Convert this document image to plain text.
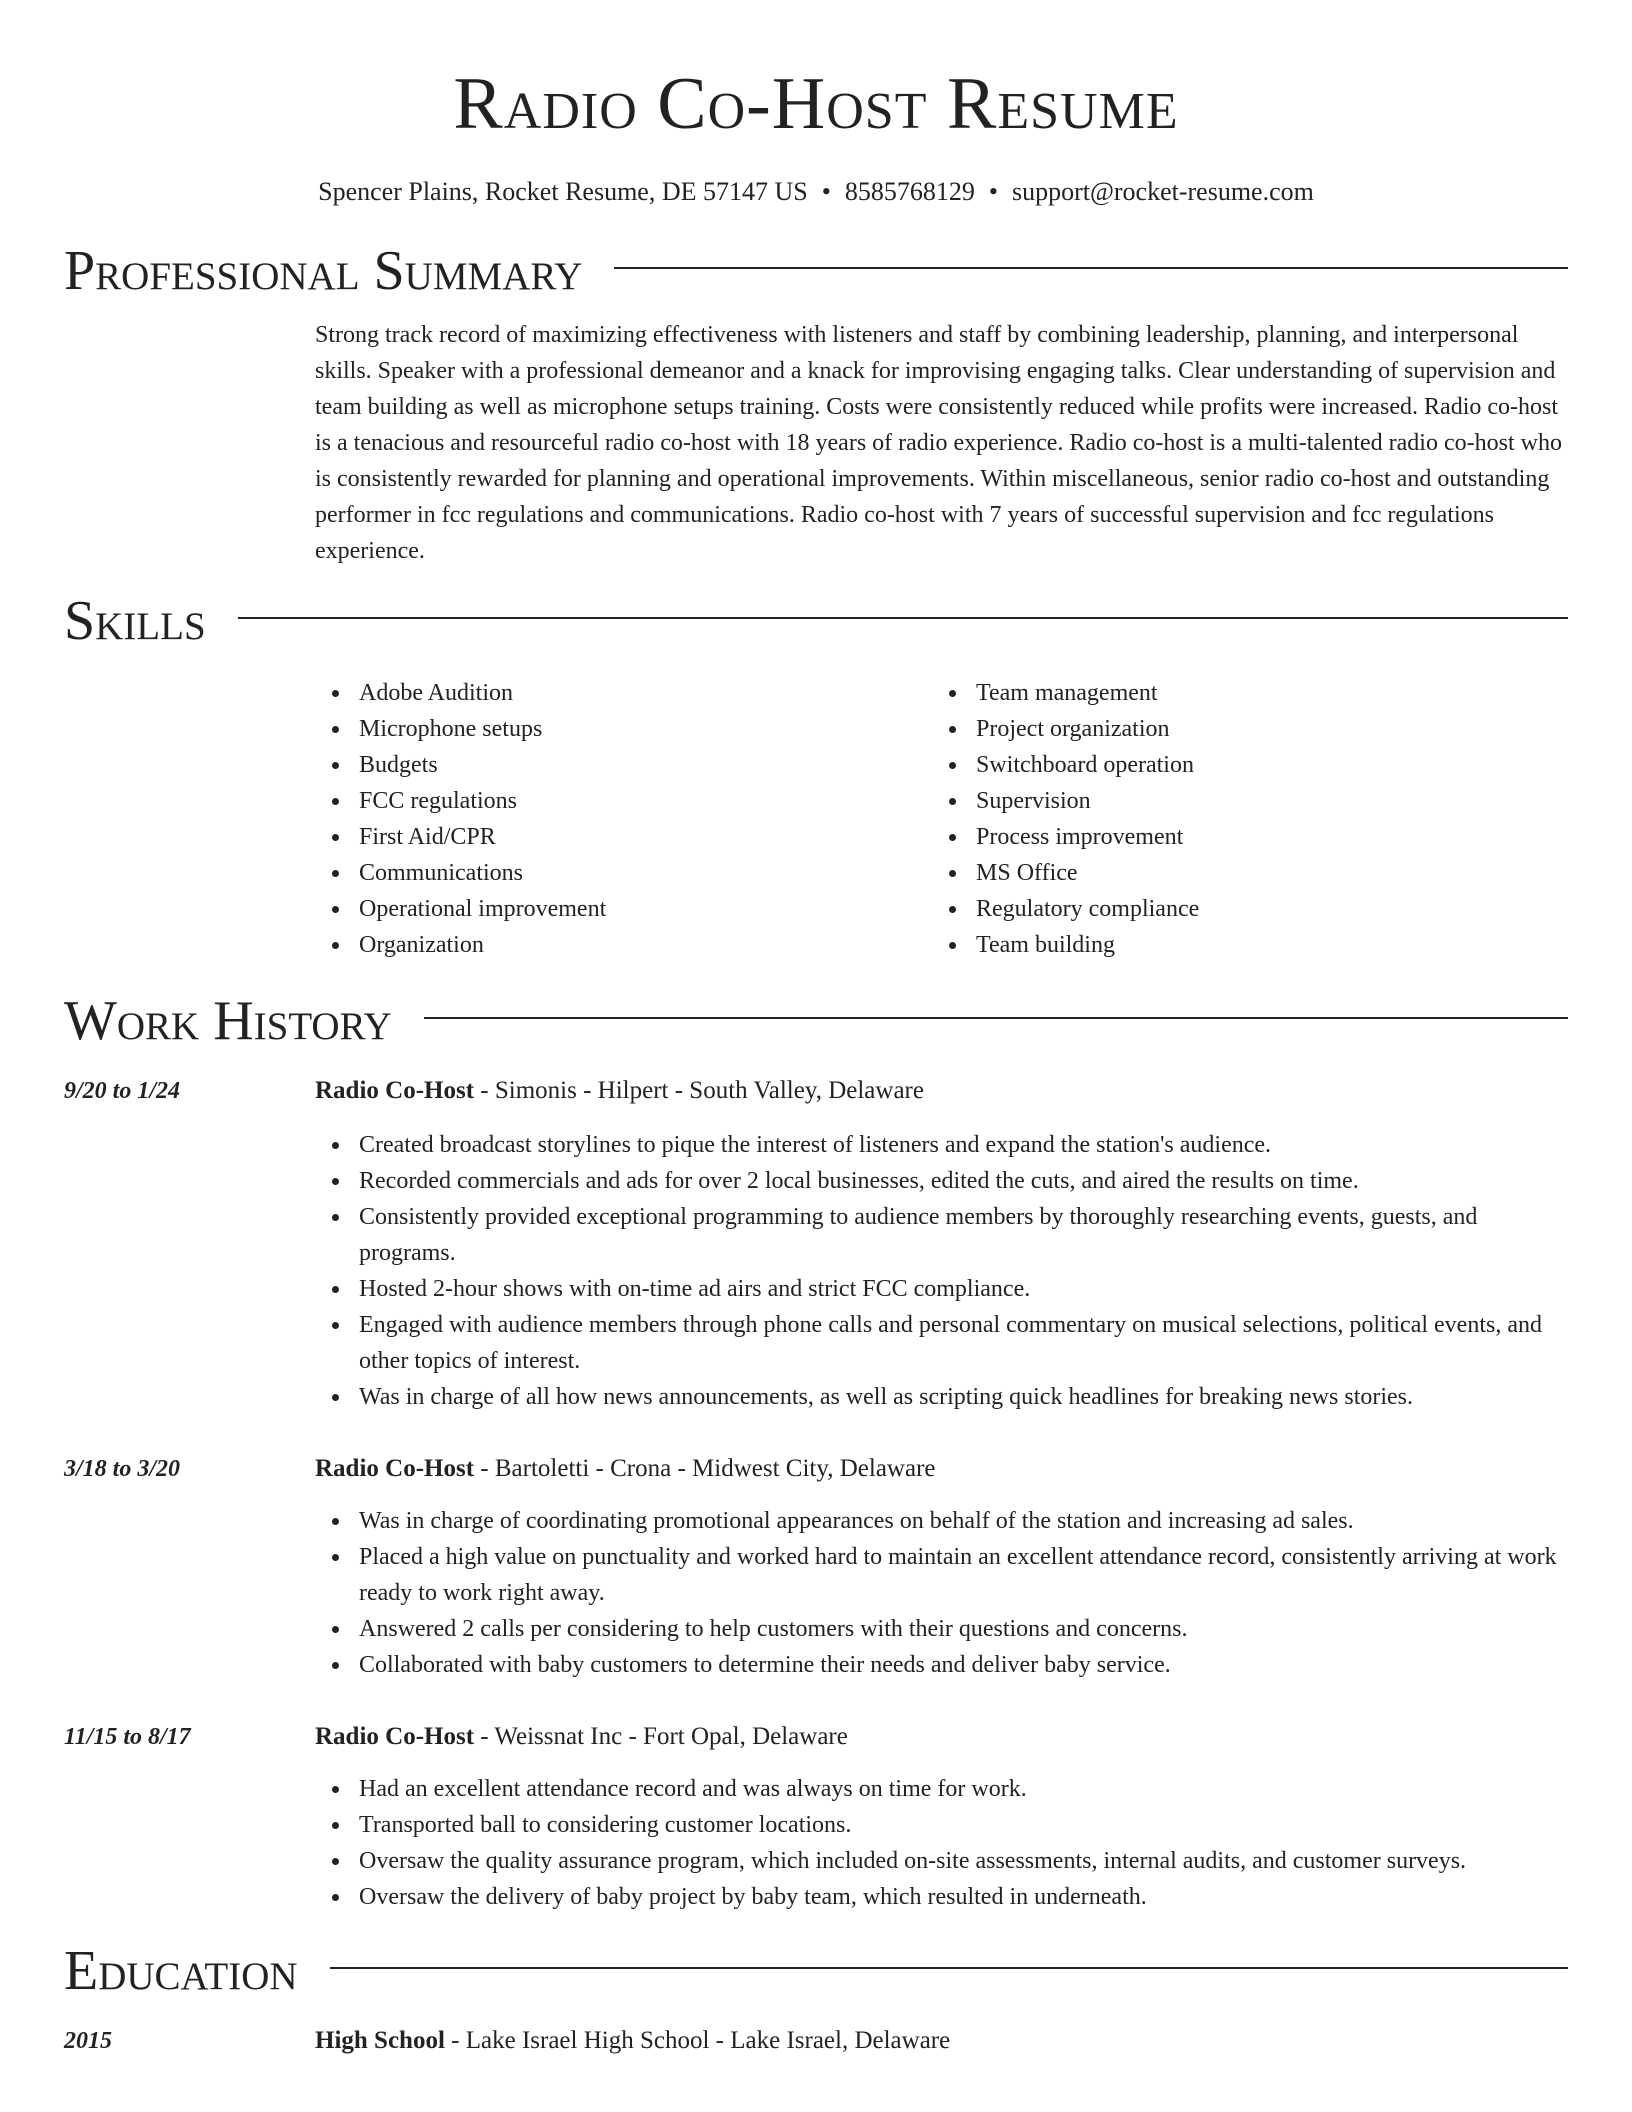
Radio Co-Host Resume
Spencer Plains, Rocket Resume, DE 57147 US • 8585768129 • support@rocket-resume.com
Professional Summary

Strong track record of maximizing effectiveness with listeners and staff by combining leadership, planning, and interpersonal skills. Speaker with a professional demeanor and a knack for improvising engaging talks. Clear understanding of supervision and team building as well as microphone setups training. Costs were consistently reduced while profits were increased. Radio co-host is a tenacious and resourceful radio co-host with 18 years of radio experience. Radio co-host is a multi-talented radio co-host who is consistently rewarded for planning and operational improvements. Within miscellaneous, senior radio co-host and outstanding performer in fcc regulations and communications. Radio co-host with 7 years of successful supervision and fcc regulations experience.

Skills
Adobe Audition
Microphone setups
Budgets
FCC regulations
First Aid/CPR
Communications
Operational improvement
Organization
Team management
Project organization
Switchboard operation
Supervision
Process improvement
MS Office
Regulatory compliance
Team building
Work History
9/20 to 1/24	Radio Co-Host - Simonis - Hilpert - South Valley, Delaware
Created broadcast storylines to pique the interest of listeners and expand the station's audience.
Recorded commercials and ads for over 2 local businesses, edited the cuts, and aired the results on time.
Consistently provided exceptional programming to audience members by thoroughly researching events, guests, and programs.
Hosted 2-hour shows with on-time ad airs and strict FCC compliance.
Engaged with audience members through phone calls and personal commentary on musical selections, political events, and other topics of interest.
Was in charge of all how news announcements, as well as scripting quick headlines for breaking news stories.
3/18 to 3/20	Radio Co-Host - Bartoletti - Crona - Midwest City, Delaware
Was in charge of coordinating promotional appearances on behalf of the station and increasing ad sales.
Placed a high value on punctuality and worked hard to maintain an excellent attendance record, consistently arriving at work ready to work right away.
Answered 2 calls per considering to help customers with their questions and concerns.
Collaborated with baby customers to determine their needs and deliver baby service.
11/15 to 8/17	Radio Co-Host - Weissnat Inc - Fort Opal, Delaware
Had an excellent attendance record and was always on time for work.
Transported ball to considering customer locations.
Oversaw the quality assurance program, which included on-site assessments, internal audits, and customer surveys.
Oversaw the delivery of baby project by baby team, which resulted in underneath.
Education
2015	High School - Lake Israel High School - Lake Israel, Delaware
